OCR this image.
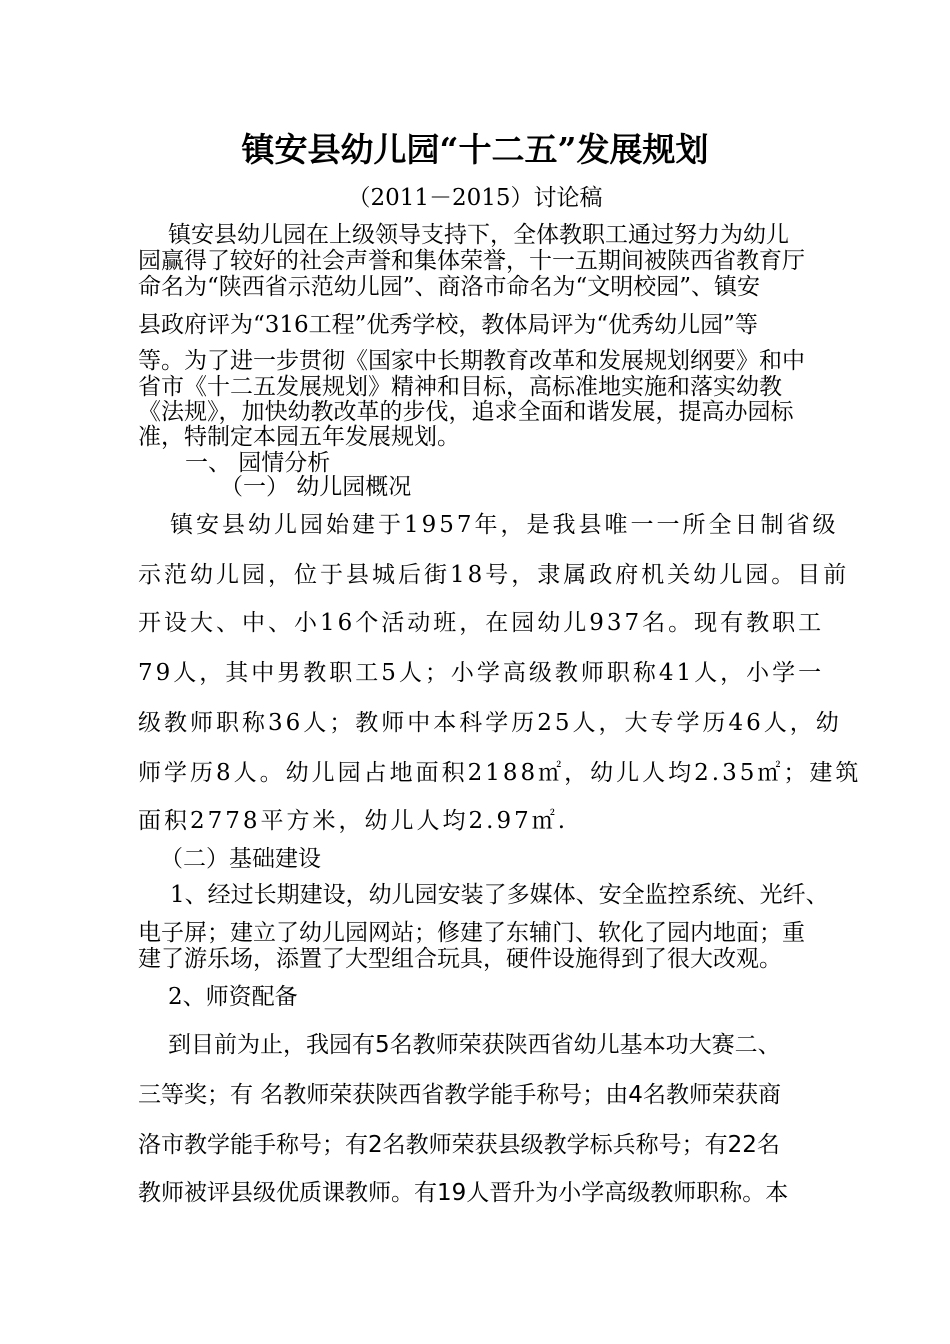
镇安县幼儿园“十二五”发展规划
（2011－2015）讨论稿
镇安县幼儿园在上级领导支持下，全体教职工通过努力为幼儿
园赢得了较好的社会声誉和集体荣誉，十一五期间被陕西省教育厅
命名为“陕西省示范幼儿园”、商洛市命名为“文明校园”、镇安
县政府评为“316工程”优秀学校，教体局评为“优秀幼儿园”等
等。为了进一步贯彻《国家中长期教育改革和发展规划纲要》和中
省市《十二五发展规划》精神和目标，高标准地实施和落实幼教
《法规》，加快幼教改革的步伐，追求全面和谐发展，提高办园标
准，特制定本园五年发展规划。
一、 园情分析
（一） 幼儿园概况
镇安县幼儿园始建于1957年，是我县唯一一所全日制省级
示范幼儿园，位于县城后街18号，隶属政府机关幼儿园。目前
开设大、中、小16个活动班，在园幼儿937名。现有教职工
79人，其中男教职工5人；小学高级教师职称41人，小学一
级教师职称36人；教师中本科学历25人，大专学历46人，幼
师学历8人。幼儿园占地面积2188㎡，幼儿人均2.35㎡；建筑
面积2778平方米，幼儿人均2.97㎡.
（二）基础建设
1、经过长期建设，幼儿园安装了多媒体、安全监控系统、光纤、
电子屏；建立了幼儿园网站；修建了东辅门、软化了园内地面；重
建了游乐场，添置了大型组合玩具，硬件设施得到了很大改观。
2、师资配备
到目前为止，我园有5名教师荣获陕西省幼儿基本功大赛二、
三等奖；有 名教师荣获陕西省教学能手称号；由4名教师荣获商
洛市教学能手称号；有2名教师荣获县级教学标兵称号；有22名
教师被评县级优质课教师。有19人晋升为小学高级教师职称。本
